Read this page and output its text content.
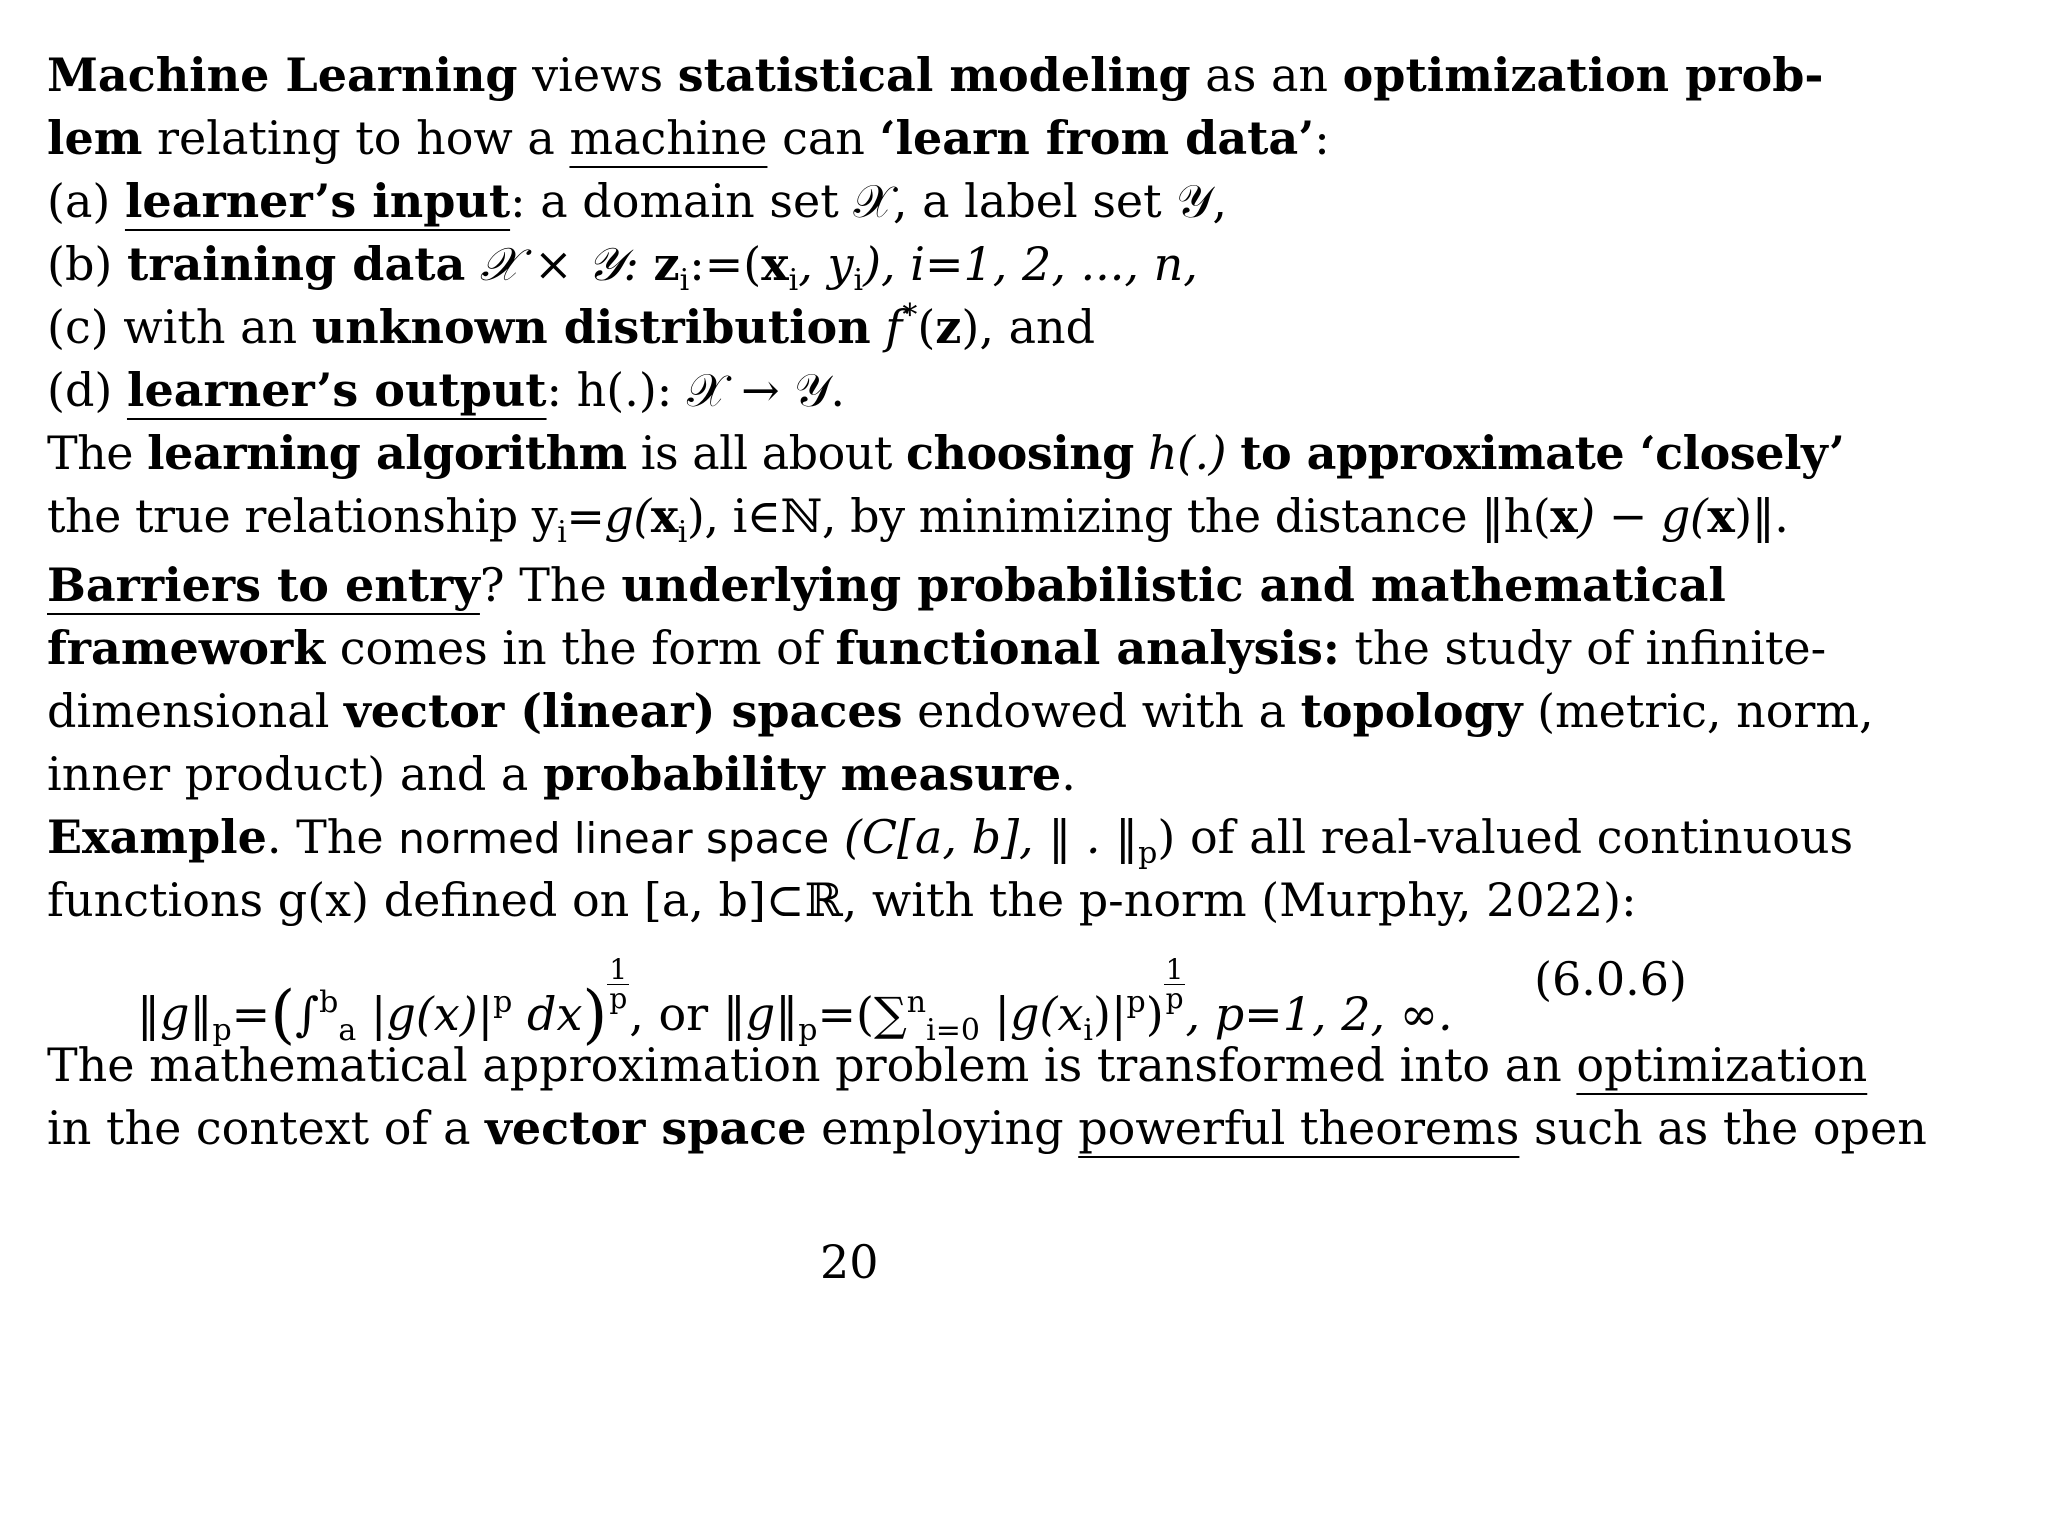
Machine Learning views statistical modeling as an optimization prob-
lem relating to how a machine can ‘learn from data’:
(a) learner’s input: a domain set 𝒳, a label set 𝒴,
(b) training data 𝒳 × 𝒴: $z_i:=(x_i$, $y_i$), i=1, 2, ..., n,
(c) with an unknown distribution f*(z), and
(d) learner’s output: h(.): 𝒳 → 𝒴.
The learning algorithm is all about choosing h(.) to approximate ‘closely’
the true relationship $y_i=g(x_i)$, i∈ℕ, by minimizing the distance ‖h(x) − g(x)‖.
Barriers to entry? The underlying probabilistic and mathematical
framework comes in the form of functional analysis: the study of infinite-
dimensional vector (linear) spaces endowed with a topology (metric, norm,
inner product) and a probability measure.
Example. The normed linear space (C[a, b], ‖ . $‖_p$) of all real-valued continuous
functions g(x) defined on [a, b]⊂ℝ, with the p-norm (Murphy, 2022):
$‖g‖_p=(\int^b_a$ $|g(x)|^p$ $dx) \frac{1}{p}$
, or $‖g‖_p=(\sum^n_{i=0}$ $|g(x_i)|^p$)
$\frac{1}{p}$
, p=1, 2, ∞.
(6.0.6)
The mathematical approximation problem is transformed into an optimization
in the context of a vector space employing powerful theorems such as the open
20
